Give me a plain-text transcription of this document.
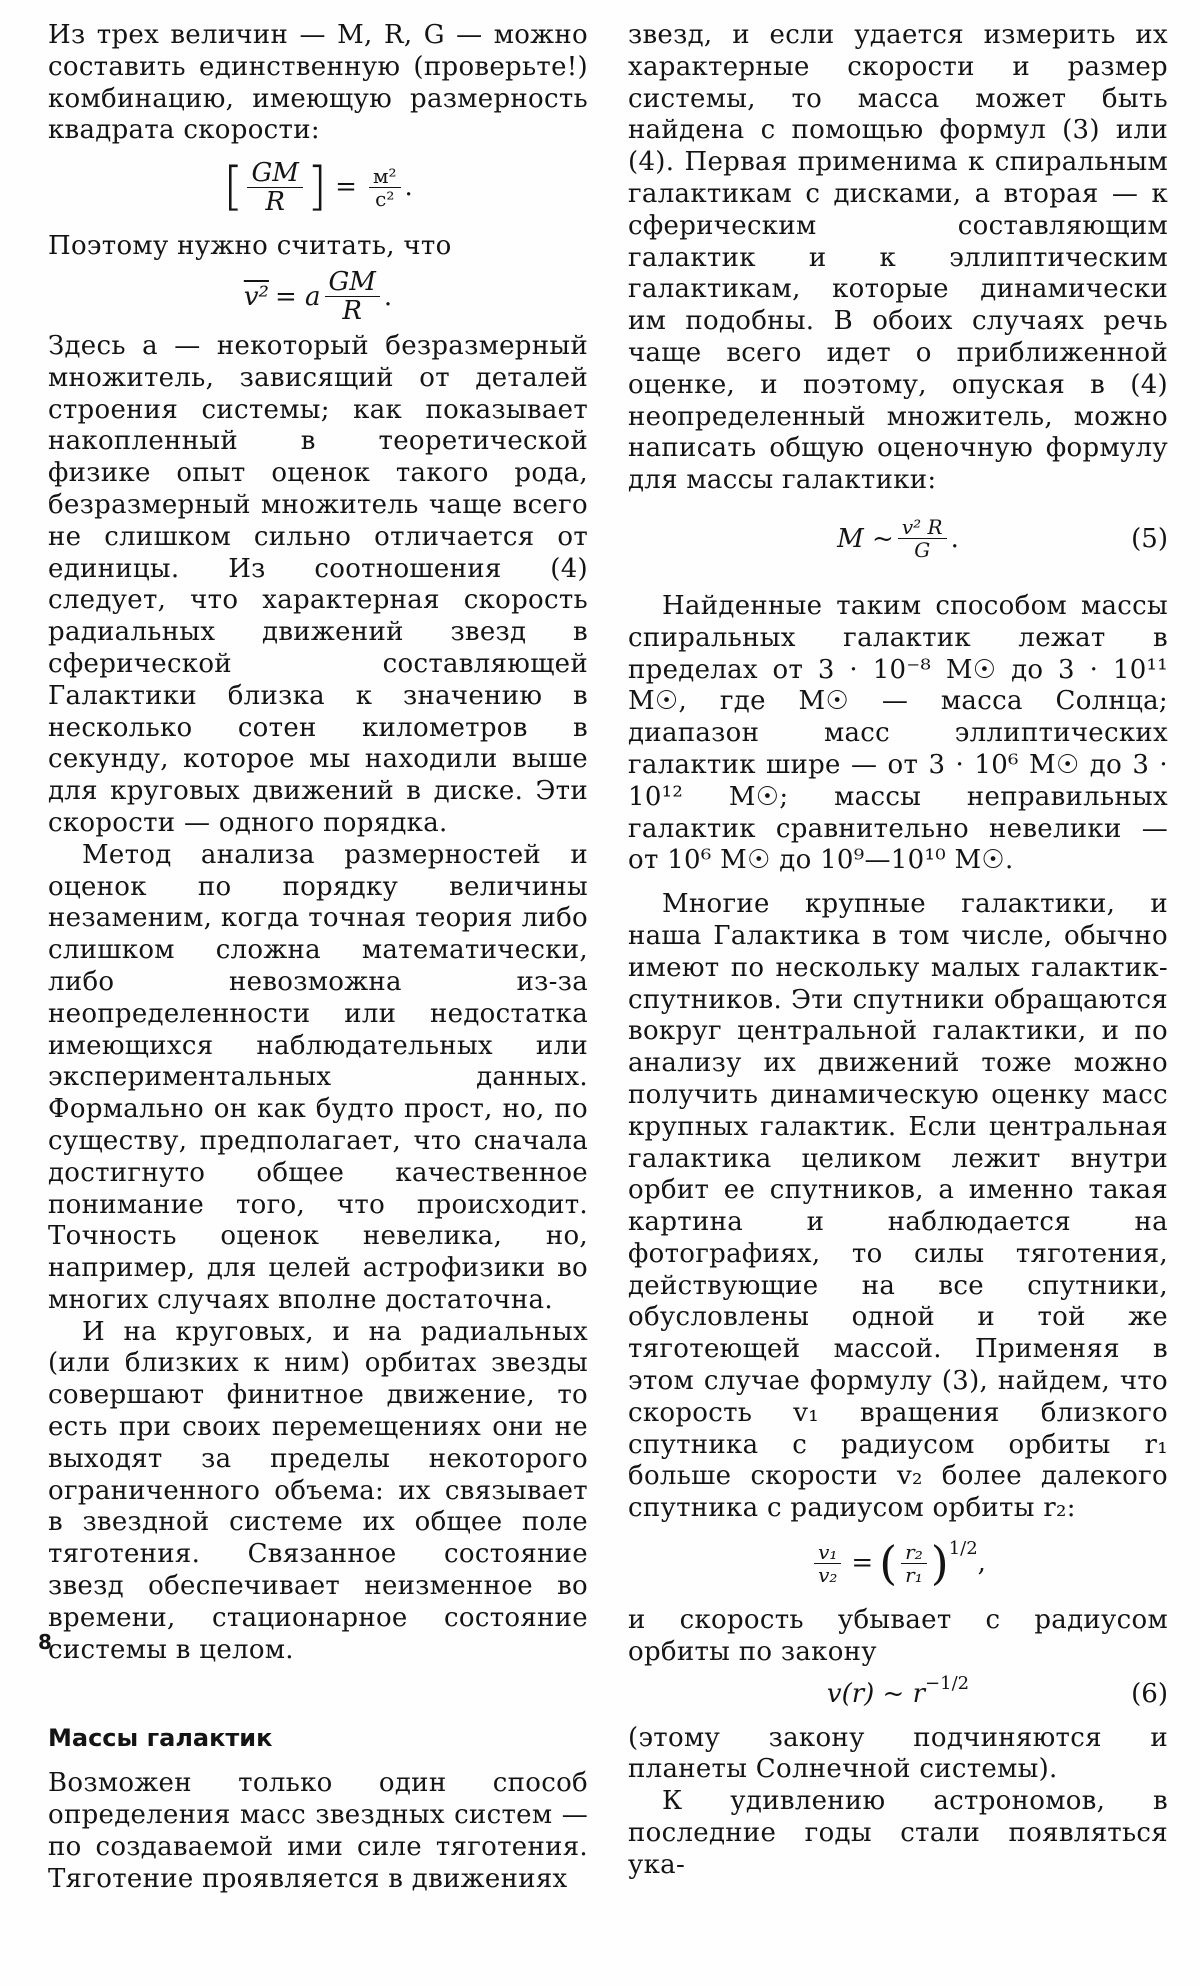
Из трех величин — M, R, G — можно составить единственную (проверьте!) комбинацию, имеющую размерность квадрата скорости:

[ $\frac{GM}{R}$ ] = $\frac{\text{м²}}{\text{с²}}$ .

Поэтому нужно считать, что

v² = a $\frac{GM}{R}$ .

Здесь a — некоторый безразмерный множитель, зависящий от деталей строения системы; как показывает накопленный в теоретической физике опыт оценок такого рода, безразмерный множитель чаще всего не слишком сильно отличается от единицы. Из соотношения (4) следует, что характерная скорость радиальных движений звезд в сферической составляющей Галактики близка к значению в несколько сотен километров в секунду, которое мы находили выше для круговых движений в диске. Эти скорости — одного порядка.

Метод анализа размерностей и оценок по порядку величины незаменим, когда точная теория либо слишком сложна математически, либо невозможна из-за неопределенности или недостатка имеющихся наблюдательных или экспериментальных данных. Формально он как будто прост, но, по существу, предполагает, что сначала достигнуто общее качественное понимание того, что происходит. Точность оценок невелика, но, например, для целей астрофизики во многих случаях вполне достаточна.

И на круговых, и на радиальных (или близких к ним) орбитах звезды совершают финитное движение, то есть при своих перемещениях они не выходят за пределы некоторого ограниченного объема: их связывает в звездной системе их общее поле тяготения. Связанное состояние звезд обеспечивает неизменное во времени, стационарное состояние системы в целом.

Массы галактик

Возможен только один способ определения масс звездных систем — по создаваемой ими силе тяготения. Тяготение проявляется в движениях

звезд, и если удается измерить их характерные скорости и размер системы, то масса может быть найдена с помощью формул (3) или (4). Первая применима к спиральным галактикам с дисками, а вторая — к сферическим составляющим галактик и к эллиптическим галактикам, которые динамически им подобны. В обоих случаях речь чаще всего идет о приближенной оценке, и поэтому, опуская в (4) неопределенный множитель, можно написать общую оценочную формулу для массы галактики:

M ~ $\frac{\text{v² R}}{G}$ .	(5)

Найденные таким способом массы спиральных галактик лежат в пределах от 3 · 10⁻⁸ M☉ до 3 · 10¹¹ M☉, где M☉ — масса Солнца; диапазон масс эллиптических галактик шире — от 3 · 10⁶ M☉ до 3 · 10¹² M☉; массы неправильных галактик сравнительно невелики — от 10⁶ M☉ до 10⁹—10¹⁰ M☉.

Многие крупные галактики, и наша Галактика в том числе, обычно имеют по нескольку малых галактик-спутников. Эти спутники обращаются вокруг центральной галактики, и по анализу их движений тоже можно получить динамическую оценку масс крупных галактик. Если центральная галактика целиком лежит внутри орбит ее спутников, а именно такая картина и наблюдается на фотографиях, то силы тяготения, действующие на все спутники, обусловлены одной и той же тяготеющей массой. Применяя в этом случае формулу (3), найдем, что скорость v₁ вращения близкого спутника с радиусом орбиты r₁ больше скорости v₂ более далекого спутника с радиусом орбиты r₂:

$\frac{\text{v₁}}{\text{v₂}}$ = ( $\frac{\text{r₂}}{\text{r₁}} )^{1/2}$ ,

и скорость убывает с радиусом орбиты по закону

v(r) ~ $r^{-1/2}$	(6)

(этому закону подчиняются и планеты Солнечной системы).

К удивлению астрономов, в последние годы стали появляться ука-

8
